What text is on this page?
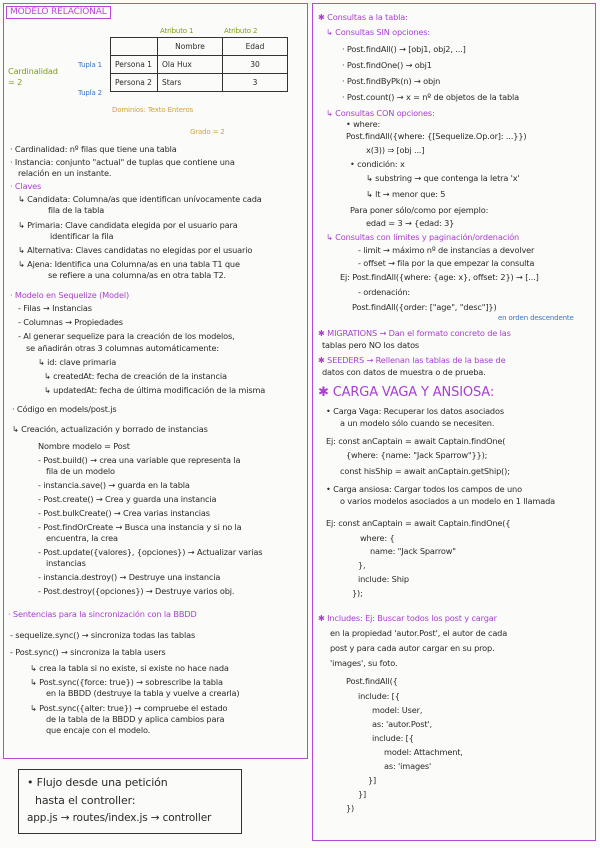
MODELO RELACIONAL
Atributo 1	Atributo 2
	Nombre	Edad
Persona 1	Ola Hux	30
Persona 2	Stars	3
Cardinalidad = 2
Tupla 1
Tupla 2
Dominios: Texto Enteros
Grado = 2
· Cardinalidad: nº filas que tiene una tabla
· Instancia: conjunto "actual" de tuplas que contiene una
relación en un instante.
· Claves
↳ Candidata: Columna/as que identifican unívocamente cada
fila de la tabla
↳ Primaria: Clave candidata elegida por el usuario para
identificar la fila
↳ Alternativa: Claves candidatas no elegidas por el usuario
↳ Ajena: Identifica una Columna/as en una tabla T1 que
se refiere a una columna/as en otra tabla T2.
· Modelo en Sequelize (Model)
- Filas → Instancias
- Columnas → Propiedades
- Al generar sequelize para la creación de los modelos,
se añadirán otras 3 columnas automáticamente:
↳ id: clave primaria
↳ createdAt: fecha de creación de la instancia
↳ updatedAt: fecha de última modificación de la misma
· Código en models/post.js
↳ Creación, actualización y borrado de instancias
Nombre modelo = Post
- Post.build() → crea una variable que representa la
fila de un modelo
- instancia.save() → guarda en la tabla
- Post.create() → Crea y guarda una instancia
- Post.bulkCreate() → Crea varias instancias
- Post.findOrCreate → Busca una instancia y si no la
encuentra, la crea
- Post.update({valores}, {opciones}) → Actualizar varias
instancias
- instancia.destroy() → Destruye una instancia
- Post.destroy({opciones}) → Destruye varios obj.
· Sentencias para la sincronización con la BBDD
- sequelize.sync() → sincroniza todas las tablas
- Post.sync() → sincroniza la tabla users
↳ crea la tabla si no existe, si existe no hace nada
↳ Post.sync({force: true}) → sobrescribe la tabla
en la BBDD (destruye la tabla y vuelve a crearla)
↳ Post.sync({alter: true}) → compruebe el estado
de la tabla de la BBDD y aplica cambios para
que encaje con el modelo.
✱ Consultas a la tabla:
↳ Consultas SIN opciones:
· Post.findAll() → [obj1, obj2, ...]
· Post.findOne() → obj1
· Post.findByPk(n) → objn
· Post.count() → x = nº de objetos de la tabla
↳ Consultas CON opciones:
• where:
Post.findAll({where: {[Sequelize.Op.or]: ...}})
x(3)) ⇒ [obj ...]
• condición: x
↳ substring → que contenga la letra 'x'
↳ lt → menor que: 5
Para poner sólo/como por ejemplo:
edad = 3 → {edad: 3}
↳ Consultas con límites y paginación/ordenación
- limit → máximo nº de instancias a devolver
- offset → fila por la que empezar la consulta
Ej: Post.findAll({where: {age: x}, offset: 2}) → [...]
- ordenación:
Post.findAll({order: ["age", "desc"]})
en orden descendente
✱ MIGRATIONS → Dan el formato concreto de las
tablas pero NO los datos
✱ SEEDERS → Rellenan las tablas de la base de
datos con datos de muestra o de prueba.
✱ CARGA VAGA Y ANSIOSA:
• Carga Vaga: Recuperar los datos asociados
a un modelo sólo cuando se necesiten.
Ej: const anCaptain = await Captain.findOne(
{where: {name: "Jack Sparrow"}});
const hisShip = await anCaptain.getShip();
• Carga ansiosa: Cargar todos los campos de uno
o varios modelos asociados a un modelo en 1 llamada
Ej: const anCaptain = await Captain.findOne({
where: {
name: "Jack Sparrow"
},
include: Ship
});
✱ Includes: Ej: Buscar todos los post y cargar
en la propiedad 'autor.Post', el autor de cada
post y para cada autor cargar en su prop.
'images', su foto.
Post.findAll({
include: [{
model: User,
as: 'autor.Post',
include: [{
model: Attachment,
as: 'images'
}]
}]
})
• Flujo desde una petición
hasta el controller:
app.js → routes/index.js → controller
